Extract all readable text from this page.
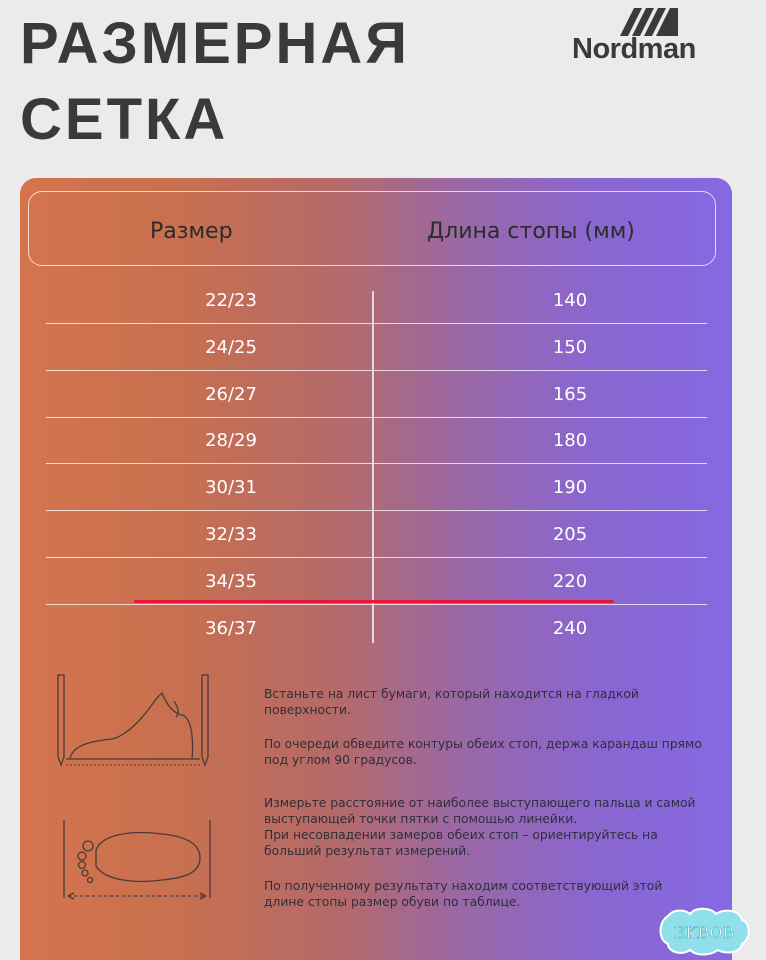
РАЗМЕРНАЯ
СЕТКА
Nordman
Размер	Длина стопы (мм)
22/23	140
24/25	150
26/27	165
28/29	180
30/31	190
32/33	205
34/35	220
36/37	240
Встаньте на лист бумаги, который находится на гладкой поверхности.
По очереди обведите контуры обеих стоп, держа карандаш прямо под углом 90 градусов.
Измерьте расстояние от наиболее выступающего пальца и самой выступающей точки пятки с помощью линейки.
При несовпадении замеров обеих стоп – ориентируйтесь на больший результат измерений.
По полученному результату находим соответствующий этой длине стопы размер обуви по таблице.
EKBOB
